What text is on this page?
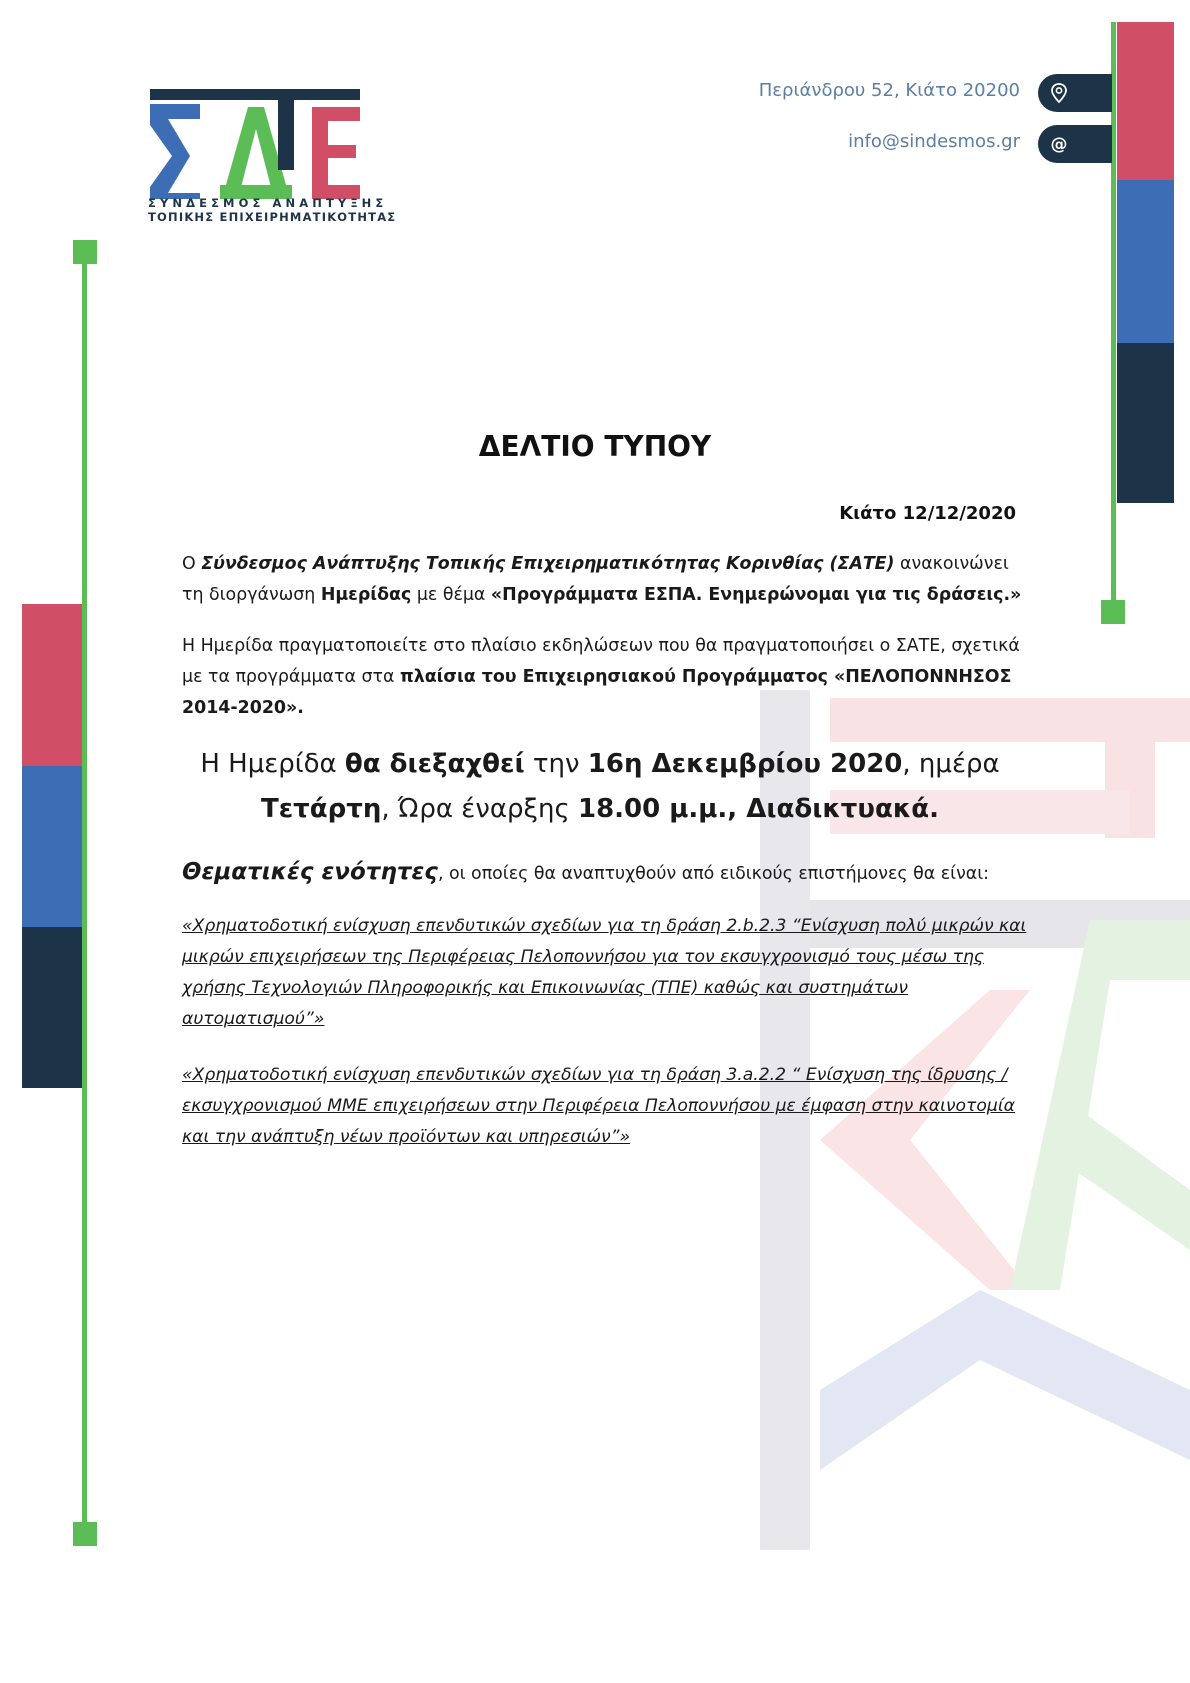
ΣΥΝΔΕΣΜΟΣ ΑΝΑΠΤΥΞΗΣ
ΤΟΠΙΚΗΣ ΕΠΙΧΕΙΡΗΜΑΤΙΚΟΤΗΤΑΣ
Περιάνδρου 52, Κιάτο 20200
info@sindesmos.gr @
ΔΕΛΤΙΟ ΤΥΠΟΥ
Κιάτο 12/12/2020
Ο Σύνδεσμος Ανάπτυξης Τοπικής Επιχειρηματικότητας Κορινθίας (ΣΑΤΕ) ανακοινώνει τη διοργάνωση Ημερίδας με θέμα «Προγράμματα ΕΣΠΑ. Ενημερώνομαι για τις δράσεις.»
Η Ημερίδα πραγματοποιείτε στο πλαίσιο εκδηλώσεων που θα πραγματοποιήσει ο ΣΑΤΕ, σχετικά με τα προγράμματα στα πλαίσια του Επιχειρησιακού Προγράμματος «ΠΕΛΟΠΟΝΝΗΣΟΣ 2014-2020».
Η Ημερίδα θα διεξαχθεί την 16η Δεκεμβρίου 2020, ημέρα
Τετάρτη, Ώρα έναρξης 18.00 μ.μ., Διαδικτυακά.
Θεματικές ενότητες, οι οποίες θα αναπτυχθούν από ειδικούς επιστήμονες θα είναι:
«Χρηματοδοτική ενίσχυση επενδυτικών σχεδίων για τη δράση 2.b.2.3 “Ενίσχυση πολύ μικρών και μικρών επιχειρήσεων της Περιφέρειας Πελοποννήσου για τον εκσυγχρονισμό τους μέσω της χρήσης Τεχνολογιών Πληροφορικής και Επικοινωνίας (ΤΠΕ) καθώς και συστημάτων αυτοματισμού”»
«Χρηματοδοτική ενίσχυση επενδυτικών σχεδίων για τη δράση 3.a.2.2 “ Ενίσχυση της ίδρυσης / εκσυγχρονισμού ΜΜΕ επιχειρήσεων στην Περιφέρεια Πελοποννήσου με έμφαση στην καινοτομία και την ανάπτυξη νέων προϊόντων και υπηρεσιών”»
